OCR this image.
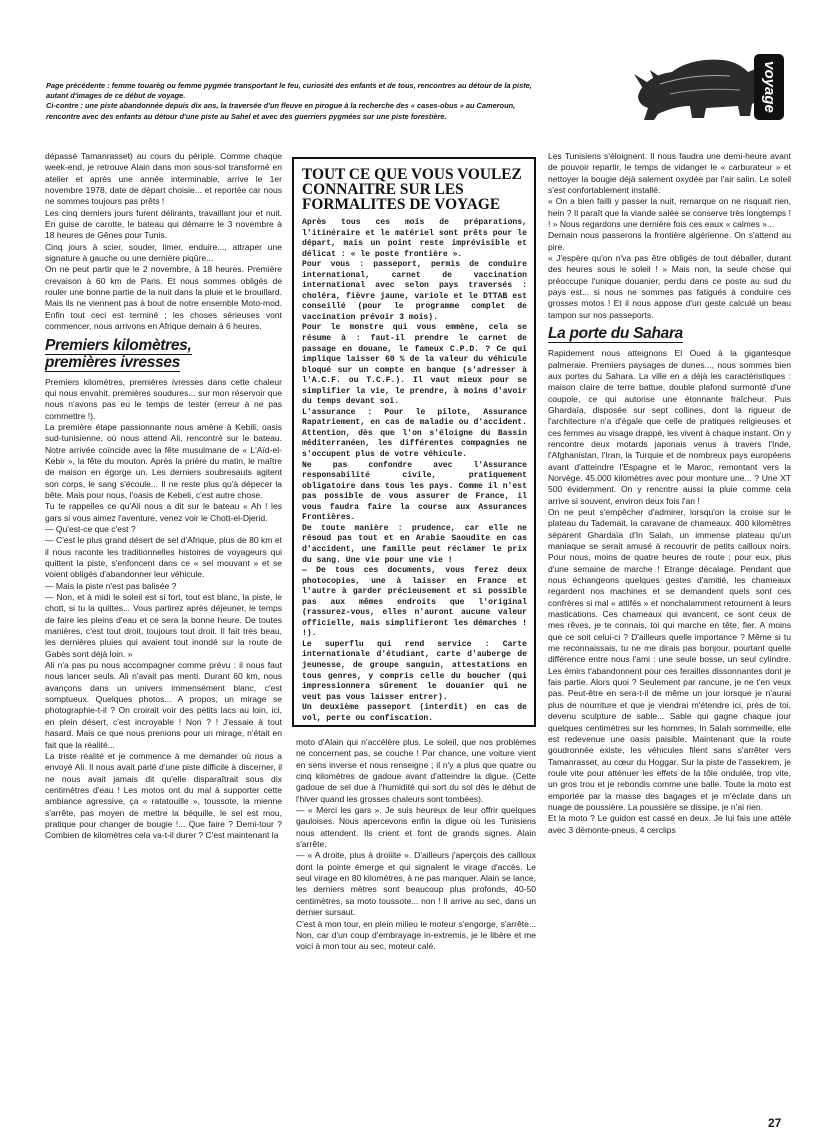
Page précédente : femme touarèg ou femme pygmée transportant le feu, curiosité des enfants et de tous, rencontres au détour de la piste, autant d'images de ce début de voyage.

Ci-contre : une piste abandonnée depuis dix ans, la traversée d'un fleuve en pirogue à la recherche des « cases-obus » au Cameroun, rencontre avec des enfants au détour d'une piste au Sahel et avec des guerriers pygmées sur une piste forestière.

voyage

dépassé Tamanrasset) au cours du périple. Comme chaque week-end, je retrouve Alain dans mon sous-sol transformé en atelier et après une année interminable, arrive le 1er novembre 1978, date de départ choisie... et reportée car nous ne sommes toujours pas prêts !

Les cinq derniers jours furent délirants, travaillant jour et nuit. En guise de carotte, le bateau qui démarre le 3 novembre à 18 heures de Gênes pour Tunis.

Cinq jours à scier, souder, limer, enduire..., attraper une signature à gauche ou une dernière piqûre...

On ne peut partir que le 2 novembre, à 18 heures. Première crevaison à 60 km de Paris. Et nous sommes obligés de rouler une bonne partie de la nuit dans la pluie et le brouillard. Mais ils ne viennent pas à bout de notre ensemble Moto-mod. Enfin tout ceci est terminé ; les choses sérieuses vont commencer, nous arrivons en Afrique demain à 6 heures.

Premiers kilomètres,
premières ivresses

Premiers kilomètres, premières ivresses dans cette chaleur qui nous envahit, premières soudures... sur mon réservoir que nous n'avons pas eu le temps de tester (erreur à ne pas commettre !).

La première étape passionnante nous amène à Kebili, oasis sud-tunisienne, où nous attend Ali, rencontré sur le bateau. Notre arrivée coïncide avec la fête musulmane de « L'Aïd-el-Kebir », la fête du mouton. Après la prière du matin, le maître de maison en égorge un. Les derniers soubresauts agitent son corps, le sang s'écoule... Il ne reste plus qu'à dépecer la bête. Mais pour nous, l'oasis de Kebeli, c'est autre chose.

Tu te rappelles ce qu'Ali nous a dit sur le bateau « Ah ! les gars si vous aimez l'aventure, venez voir le Chott-el-Djerid.

— Qu'est-ce que c'est ?

— C'est le plus grand désert de sel d'Afrique, plus de 80 km et il nous raconte les traditionnelles histoires de voyageurs qui quittent la piste, s'enfoncent dans ce « sel mouvant » et se voient obligés d'abandonner leur véhicule.

— Mais la piste n'est pas balisée ?

— Non, et à midi le soleil est si fort, tout est blanc, la piste, le chott, si tu la quittes... Vous partirez après déjeuner, le temps de faire les pleins d'eau et ce sera la bonne heure. De toutes manières, c'est tout droit, toujours tout droit. Il fait très beau, les dernières pluies qui avaient tout inondé sur la route de Gabès sont déjà loin. »

Ali n'a pas pu nous accompagner comme prévu : il nous faut nous lancer seuls. Ali n'avait pas menti. Durant 60 km, nous avançons dans un univers immensément blanc, c'est somptueux. Quelques photos... A propos, un mirage se photographie-t-il ? On croirait voir des petits lacs au loin, ici, en plein désert, c'est incroyable ! Non ? ! J'essaie à tout hasard. Mais ce que nous prenions pour un mirage, n'était en fait que la réalité...

La triste réalité et je commence à me demander où nous a envoyé Ali. Il nous avait parlé d'une piste difficile à discerner, il ne nous avait jamais dit qu'elle disparaîtrait sous dix centimètres d'eau ! Les motos ont du mal à supporter cette ambiance agressive, ça « ratatouille », toussote, la mienne s'arrête, pas moyen de mettre la béquille, le sel est mou, pratique pour changer de bougie !... Que faire ? Demi-tour ? Combien de kilomètres cela va-t-il durer ? C'est maintenant la

TOUT CE QUE VOUS VOULEZ CONNAITRE SUR LES FORMALITES DE VOYAGE

Après tous ces mois de préparations, l'itinéraire et le matériel sont prêts pour le départ, mais un point reste imprévisible et délicat : « le poste frontière ».

Pour vous : passeport, permis de conduire international, carnet de vaccination international avec selon pays traversés : choléra, fièvre jaune, variole et le DTTAB est conseillé (pour le programme complet de vaccination prévoir 3 mois).

Pour le monstre qui vous emmène, cela se résume à : faut-il prendre le carnet de passage en douane, le fameux C.P.D. ? Ce qui implique laisser 60 % de la valeur du véhicule bloqué sur un compte en banque (s'adresser à l'A.C.F. ou T.C.F.). Il vaut mieux pour se simplifier la vie, le prendre, à moins d'avoir du temps devant soi.

L'assurance : Pour le pilote, Assurance Rapatriement, en cas de maladie ou d'accident. Attention, dès que l'on s'éloigne du Bassin méditerranéen, les différentes compagnies ne s'occupent plus de votre véhicule.

Ne pas confondre avec l'Assurance responsabilité civile, pratiquement obligatoire dans tous les pays. Comme il n'est pas possible de vous assurer de France, il vous faudra faire la course aux Assurances Frontières.

De toute manière : prudence, car elle ne résoud pas tout et en Arabie Saoudite en cas d'accident, une famille peut réclamer le prix du sang. Une vie pour une vie !

— De tous ces documents, vous ferez deux photocopies, une à laisser en France et l'autre à garder précieusement et si possible pas aux mêmes endroits que l'original (rassurez-vous, elles n'auront aucune valeur officielle, mais simplifieront les démarches ! !).

Le superflu qui rend service : Carte internationale d'étudiant, carte d'auberge de jeunesse, de groupe sanguin, attestations en tous genres, y compris celle du boucher (qui impressionnera sûrement le douanier qui ne veut pas vous laisser entrer).

Un deuxième passeport (interdit) en cas de vol, perte ou confiscation.

moto d'Alain qui n'accélère plus. Le soleil, que nos problèmes ne concernent pas, se couche ! Par chance, une voiture vient en sens inverse et nous renseigne ; il n'y a plus que quatre ou cinq kilomètres de gadoue avant d'atteindre la digue. (Cette gadoue de sel due à l'humidité qui sort du sol dès le début de l'hiver quand les grosses chaleurs sont tombées).

— « Merci les gars ». Je suis heureux de leur offrir quelques gauloises. Nous apercevons enfin la digue où les Tunisiens nous attendent. Ils crient et font de grands signes. Alain s'arrête.

— « A droite, plus à droiiite ». D'ailleurs j'aperçois des cailloux dont la pointe émerge et qui signalent le virage d'accès. Le seul virage en 80 kilomètres, à ne pas manquer. Alain se lance, les derniers mètres sont beaucoup plus profonds, 40-50 centimètres, sa moto toussote... non ! Il arrive au sec, dans un dernier sursaut.

C'est à mon tour, en plein milieu le moteur s'engorge, s'arrête... Non, car d'un coup d'embrayage in-extremis, je le libère et me voici à mon tour au sec, moteur calé.

Les Tunisiens s'éloignent. Il nous faudra une demi-heure avant de pouvoir repartir, le temps de vidanger le « carburateur » et nettoyer la bougie déjà salement oxydée par l'air salin. Le soleil s'est confortablement installé.

« On a bien failli y passer la nuit, remarque on ne risquait rien, hein ? Il paraît que la viande salée se conserve très longtemps ! ! » Nous regardons une dernière fois ces eaux « calmes »...

Demain nous passerons la frontière algérienne. On s'attend au pire.

« J'espère qu'on n'va pas être obligés de tout déballer, durant des heures sous le soleil ! » Mais non, la seule chose qui préoccupe l'unique douanier, perdu dans ce poste au sud du pays est... si nous ne sommes pas fatigués à conduire ces grosses motos ! Et il nous appose d'un geste calculé un beau tampon sur nos passeports.

La porte du Sahara

Rapidement nous atteignons El Oued à la gigantesque palmeraie. Premiers paysages de dunes..., nous sommes bien aux portes du Sahara. La ville en a déjà les caractéristiques : maison claire de terre battue, double plafond surmonté d'une coupole, ce qui autorise une étonnante fraîcheur. Puis Ghardaïa, disposée sur sept collines, dont la rigueur de l'architecture n'a d'égale que celle de pratiques religieuses et ces femmes au visage drappé, les vivent à chaque instant. On y rencontre deux motards japonais venus à travers l'Inde, l'Afghanistan, l'Iran, la Turquie et de nombreux pays européens avant d'atteindre l'Espagne et le Maroc, remontant vers la Norvège. 45.000 kilomètres avec pour monture une... ? Une XT 500 évidemment. On y rencntre aussi la pluie comme cela arrive si souvent, environ deux fois l'an !

On ne peut s'empêcher d'admirer, lorsqu'on la croise sur le plateau du Tademait, la caravane de chameaux. 400 kilomètres séparent Ghardaïa d'In Salah, un immense plateau qu'un maniaque se serait amusé à recouvrir de petits cailloux noirs. Pour nous, moins de quatre heures de route ; pour eux, plus d'une semaine de marche ! Etrange décalage. Pendant que nous échangeons quelques gestes d'amitié, les chameaux regardent nos machines et se demandent quels sont ces confrères si mal « attifés » et nonchalamment retournent à leurs mastications. Ces chameaux qui avancent, ce sont ceux de mes rêves, je te connais, toi qui marche en tête, fier. A moins que ce soit celui-ci ? D'ailleurs quelle importance ? Même si tu me reconnaissais, tu ne me dirais pas bonjour, pourtant quelle différence entre nous l'ami : une seule bosse, un seul cylindre. Les émirs t'abandonnent pour ces ferailles dissonnantes dont je fais partie. Alors quoi ? Seulement par rancune, je ne t'en veux pas. Peut-être en sera-t-il de même un jour lorsque je n'aurai plus de nourriture et que je viendrai m'étendre ici, près de toi, devenu sculpture de sable... Sable qui gagne chaque jour quelques centimètres sur les hommes, In Salah sommeille, elle est redevenue une oasis paisible. Maintenant que la route goudronnée existe, les véhicules filent sans s'arrêter vers Tamanrasset, au cœur du Hoggar. Sur la piste de l'assekrem, je roule vite pour atténuer les effets de la tôle ondulée, trop vite, un gros trou et je rebondis comme une balle. Toute la moto est emportée par la masse des bagages et je m'éclate dans un nuage de poussière. La poussière se dissipe, je n'ai rien.

Et la moto ? Le guidon est cassé en deux. Je lui fais une attèle avec 3 démonte-pneus, 4 cerclips

27
